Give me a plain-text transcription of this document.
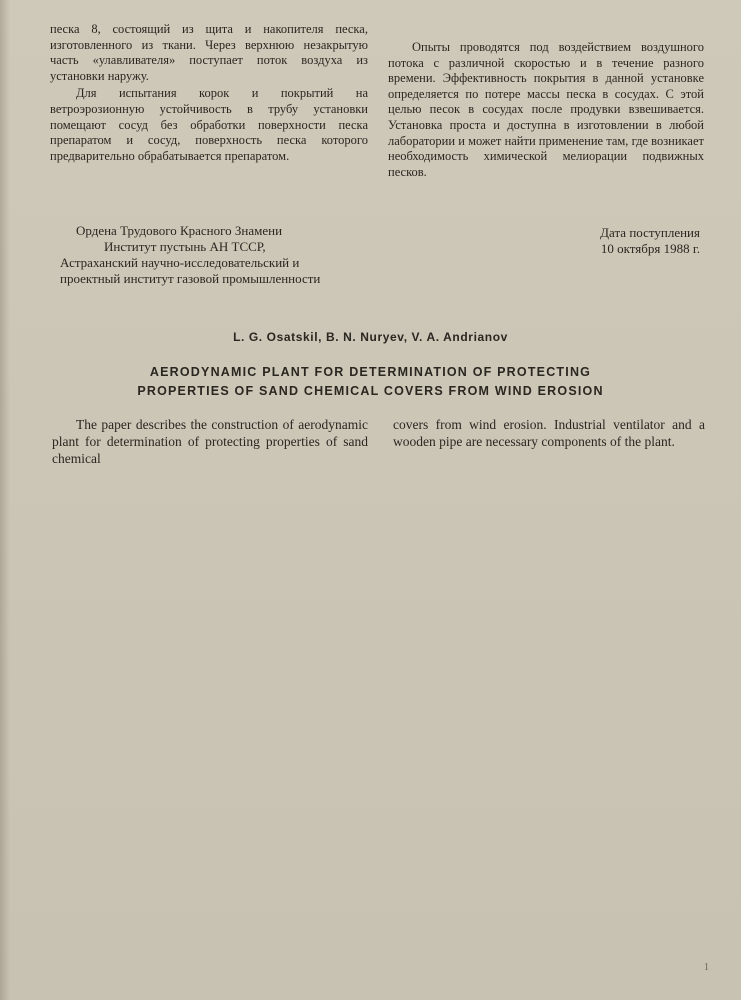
песка 8, состоящий из щита и накопителя песка, изготовленного из ткани. Через верхнюю незакрытую часть «улавливателя» поступает поток воздуха из установки наружу.

Для испытания корок и покрытий на ветроэрозионную устойчивость в трубу установки помещают сосуд без обработки поверхности песка препаратом и сосуд, поверхность песка которого предварительно обрабатывается препаратом.

Опыты проводятся под воздействием воздушного потока с различной скоростью и в течение разного времени. Эффективность покрытия в данной установке определяется по потере массы песка в сосудах. С этой целью песок в сосудах после продувки взвешивается. Установка проста и доступна в изготовлении в любой лаборатории и может найти применение там, где возникает необходимость химической мелиорации подвижных песков.

Ордена Трудового Красного Знамени
Институт пустынь АН ТССР,
Астраханский научно-исследовательский и
проектный институт газовой промышленности
Дата поступления
10 октября 1988 г.
L. G. Osatskil, B. N. Nuryev, V. A. Andrianov
AERODYNAMIC PLANT FOR DETERMINATION OF PROTECTING
PROPERTIES OF SAND CHEMICAL COVERS FROM WIND EROSION

The paper describes the construction of aerodynamic plant for determination of protecting properties of sand chemical

covers from wind erosion. Industrial ventilator and a wooden pipe are necessary components of the plant.

1
